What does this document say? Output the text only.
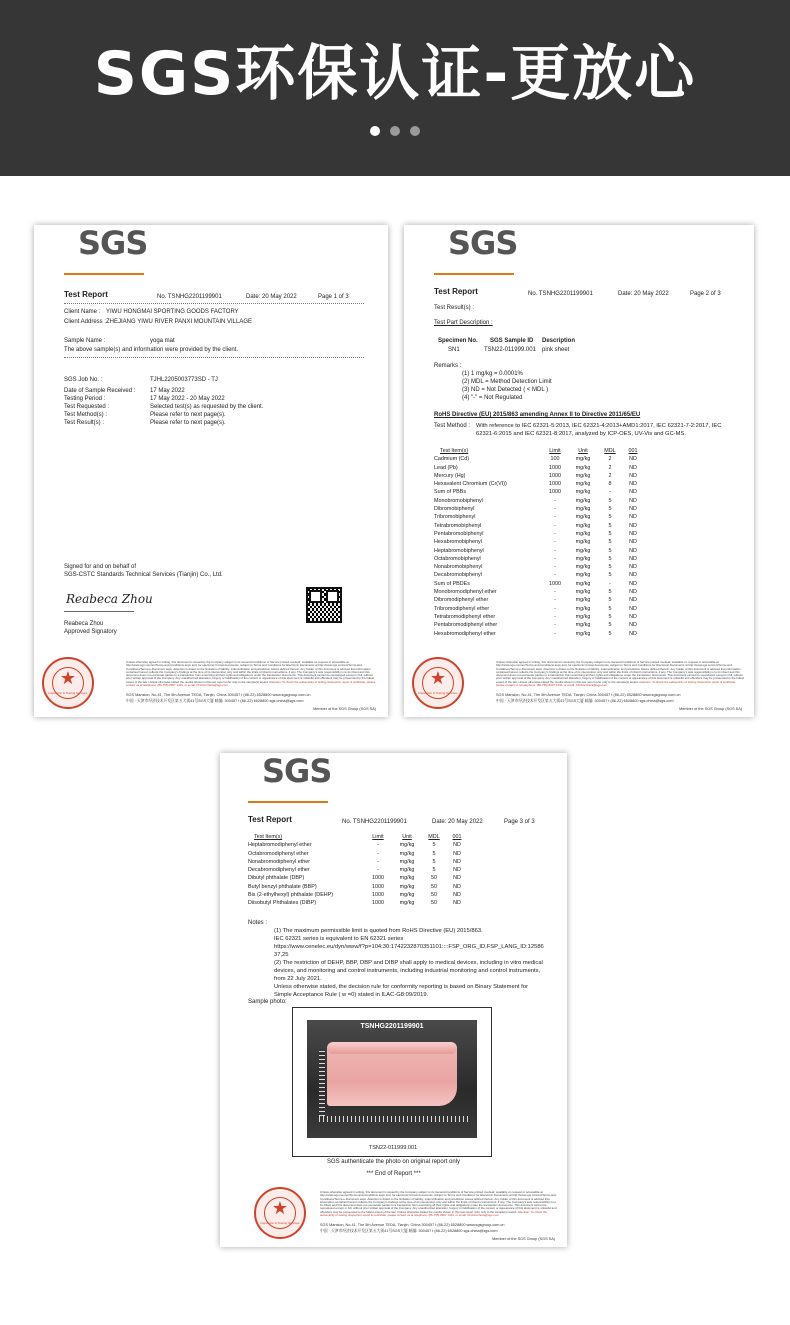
SGS环保认证-更放心
SGS
Test Report	No. TSNHG2201199901	Date: 20 May 2022	Page 1 of 3
Client Name : YIWU HONGMAI SPORTING GOODS FACTORY
Client Address : ZHEJIANG YIWU RIVER PANXI MOUNTAIN VILLAGE
Sample Name :	yoga mat
The above sample(s) and information were provided by the client.
SGS Job No. :	TJHL2205003773SD - TJ
Date of Sample Received : 17 May 2022
Testing Period :	17 May 2022 - 20 May 2022
Test Requested :	Selected test(s) as requested by the client.
Test Method(s) :	Please refer to next page(s).
Test Result(s) :	Please refer to next page(s).
Signed for and on behalf of
SGS-CSTC Standards Technical Services (Tianjin) Co., Ltd.
Reabeca Zhou
Reabeca Zhou
Approved Signatory
★
Inspection & Testing Services
Unless otherwise agreed in writing, this document is issued by the Company subject to its General Conditions of Service printed overleaf, available on request or accessible at http://www.sgs.com/en/Terms-and-Conditions.aspx and, for electronic format documents, subject to Terms and Conditions for Electronic Documents at http://www.sgs.com/en/Terms-and-Conditions/Terms-e-Document.aspx. Attention is drawn to the limitation of liability, indemnification and jurisdiction issues defined therein. Any holder of this document is advised that information contained hereon reflects the Company's findings at the time of its intervention only and within the limits of Client's instructions, if any. The Company's sole responsibility is to its Client and this document does not exonerate parties to a transaction from exercising all their rights and obligations under the transaction documents. This document cannot be reproduced except in full, without prior written approval of the Company. Any unauthorized alteration, forgery or falsification of the content or appearance of this document is unlawful and offenders may be prosecuted to the fullest extent of the law. Unless otherwise stated the results shown in this test report refer only to the sample(s) tested. Attention: To check the authenticity of testing /inspection report & certificate, please contact us at telephone: (86-755) 8307 1443, or email: CN.Doccheck@sgs.com
SGS Mansion, No.41, The 5th Avenue TEDA, Tianjin, China 300457 t (86-22) 6528800 www.sgsgroup.com.cn
中国 · 天津市经济技术开发区第五大街41号SGS大厦 邮编: 300457 t (86-22) 6528800 sgs.china@sgs.com
Member of the SGS Group (SGS SA)
SGS
Test Report	No. TSNHG2201199901	Date: 20 May 2022	Page 2 of 3
Test Result(s) :
Test Part Description :
Specimen No. SGS Sample ID Description
SN1	TSN22-011999.001 pink sheet
Remarks :
(1) 1 mg/kg = 0.0001%
(2) MDL = Method Detection Limit
(3) ND = Not Detected ( < MDL )
(4) "-" = Not Regulated
RoHS Directive (EU) 2015/863 amending Annex II to Directive 2011/65/EU
Test Method : With reference to IEC 62321-5:2013, IEC 62321-4:2013+AMD1:2017, IEC 62321-7-2:2017, IEC 62321-6:2015 and IEC 62321-8:2017, analyzed by ICP-OES, UV-Vis and GC-MS.
Test Item(s)	Limit	Unit	MDL	001
Cadmium (Cd)	100	mg/kg	2	ND
Lead (Pb)	1000	mg/kg	2	ND
Mercury (Hg)	1000	mg/kg	2	ND
Hexavalent Chromium (Cr(VI))	1000	mg/kg	8	ND
Sum of PBBs	1000	mg/kg	-	ND
Monobromobiphenyl	-	mg/kg	5	ND
Dibromobiphenyl	-	mg/kg	5	ND
Tribromobiphenyl	-	mg/kg	5	ND
Tetrabromobiphenyl	-	mg/kg	5	ND
Pentabromobiphenyl	-	mg/kg	5	ND
Hexabromobiphenyl	-	mg/kg	5	ND
Heptabromobiphenyl	-	mg/kg	5	ND
Octabromobiphenyl	-	mg/kg	5	ND
Nonabromobiphenyl	-	mg/kg	5	ND
Decabromobiphenyl	-	mg/kg	5	ND
Sum of PBDEs	1000	mg/kg	-	ND
Monobromodiphenyl ether	-	mg/kg	5	ND
Dibromodiphenyl ether	-	mg/kg	5	ND
Tribromodiphenyl ether	-	mg/kg	5	ND
Tetrabromodiphenyl ether	-	mg/kg	5	ND
Pentabromodiphenyl ether	-	mg/kg	5	ND
Hexabromodiphenyl ether	-	mg/kg	5	ND
★
Inspection & Testing Services
Unless otherwise agreed in writing, this document is issued by the Company subject to its General Conditions of Service printed overleaf, available on request or accessible at http://www.sgs.com/en/Terms-and-Conditions.aspx and, for electronic format documents, subject to Terms and Conditions for Electronic Documents at http://www.sgs.com/en/Terms-and-Conditions/Terms-e-Document.aspx. Attention is drawn to the limitation of liability, indemnification and jurisdiction issues defined therein. Any holder of this document is advised that information contained hereon reflects the Company's findings at the time of its intervention only and within the limits of Client's instructions, if any. The Company's sole responsibility is to its Client and this document does not exonerate parties to a transaction from exercising all their rights and obligations under the transaction documents. This document cannot be reproduced except in full, without prior written approval of the Company. Any unauthorized alteration, forgery or falsification of the content or appearance of this document is unlawful and offenders may be prosecuted to the fullest extent of the law. Unless otherwise stated the results shown in this test report refer only to the sample(s) tested. Attention: To check the authenticity of testing /inspection report & certificate, please contact us at telephone: (86-755) 8307 1443, or email: CN.Doccheck@sgs.com
SGS Mansion, No.41, The 5th Avenue TEDA, Tianjin, China 300457 t (86-22) 6528800 www.sgsgroup.com.cn
中国 · 天津市经济技术开发区第五大街41号SGS大厦 邮编: 300457 t (86-22) 6528800 sgs.china@sgs.com
Member of the SGS Group (SGS SA)
SGS
Test Report	No. TSNHG2201199901	Date: 20 May 2022	Page 3 of 3
Test Item(s)	Limit	Unit	MDL	001
Heptabromodiphenyl ether	-	mg/kg	5	ND
Octabromodiphenyl ether	-	mg/kg	5	ND
Nonabromodiphenyl ether	-	mg/kg	5	ND
Decabromodiphenyl ether	-	mg/kg	5	ND
Dibutyl phthalate (DBP)	1000	mg/kg	50	ND
Butyl benzyl phthalate (BBP)	1000	mg/kg	50	ND
Bis (2-ethylhexyl) phthalate (DEHP)	1000	mg/kg	50	ND
Diisobutyl Phthalates (DIBP)	1000	mg/kg	50	ND
Notes :
(1) The maximum permissible limit is quoted from RoHS Directive (EU) 2015/863.
IEC 62321 series is equivalent to EN 62321 series
https://www.cenelec.eu/dyn/www/f?p=104:30:1742232870351101::::FSP_ORG_ID,FSP_LANG_ID:12586 37,25
(2) The restriction of DEHP, BBP, DBP and DIBP shall apply to medical devices, including in vitro medical devices, and monitoring and control instruments, including industrial monitoring and control instruments, from 22 July 2021.
Unless otherwise stated, the decision rule for conformity reporting is based on Binary Statement for Simple Acceptance Rule ( w =0) stated in ILAC-G8:09/2019.
Sample photo:
TSNHG2201199901
TSN22-011999.001
SGS authenticate the photo on original report only
*** End of Report ***
★
Inspection & Testing Services
Unless otherwise agreed in writing, this document is issued by the Company subject to its General Conditions of Service printed overleaf, available on request or accessible at http://www.sgs.com/en/Terms-and-Conditions.aspx and, for electronic format documents, subject to Terms and Conditions for Electronic Documents at http://www.sgs.com/en/Terms-and-Conditions/Terms-e-Document.aspx. Attention is drawn to the limitation of liability, indemnification and jurisdiction issues defined therein. Any holder of this document is advised that information contained hereon reflects the Company's findings at the time of its intervention only and within the limits of Client's instructions, if any. The Company's sole responsibility is to its Client and this document does not exonerate parties to a transaction from exercising all their rights and obligations under the transaction documents. This document cannot be reproduced except in full, without prior written approval of the Company. Any unauthorized alteration, forgery or falsification of the content or appearance of this document is unlawful and offenders may be prosecuted to the fullest extent of the law. Unless otherwise stated the results shown in this test report refer only to the sample(s) tested. Attention: To check the authenticity of testing /inspection report & certificate, please contact us at telephone: (86-755) 8307 1443, or email: CN.Doccheck@sgs.com
SGS Mansion, No.41, The 5th Avenue TEDA, Tianjin, China 300457 t (86-22) 6528800 www.sgsgroup.com.cn
中国 · 天津市经济技术开发区第五大街41号SGS大厦 邮编: 300457 t (86-22) 6528800 sgs.china@sgs.com
Member of the SGS Group (SGS SA)
